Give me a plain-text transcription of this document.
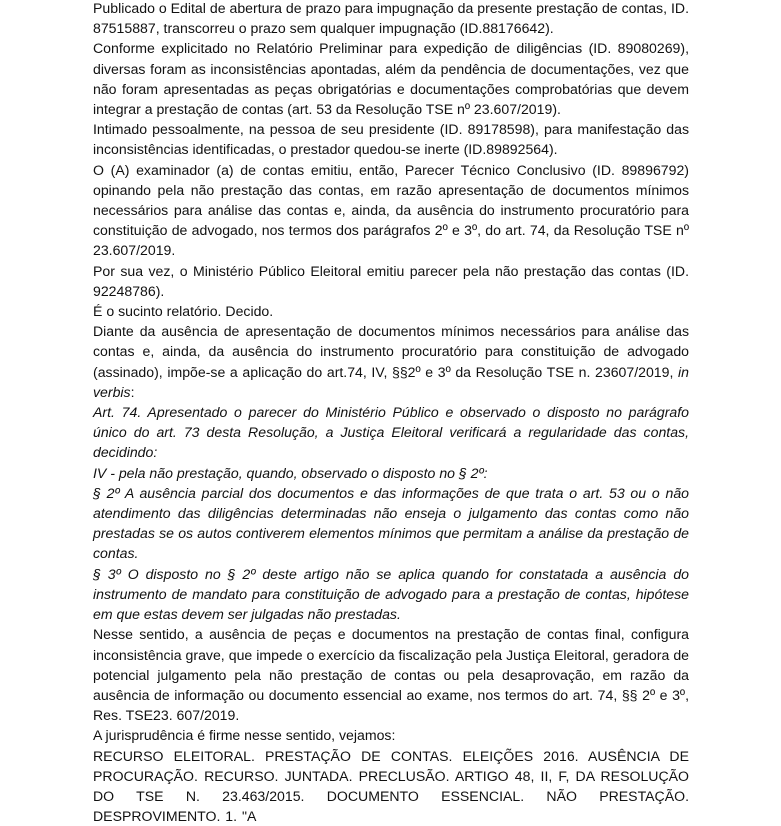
Publicado o Edital de abertura de prazo para impugnação da presente prestação de contas, ID. 87515887, transcorreu o prazo sem qualquer impugnação (ID.88176642).

Conforme explicitado no Relatório Preliminar para expedição de diligências (ID. 89080269), diversas foram as inconsistências apontadas, além da pendência de documentações, vez que não foram apresentadas as peças obrigatórias e documentações comprobatórias que devem integrar a prestação de contas (art. 53 da Resolução TSE nº 23.607/2019).

Intimado pessoalmente, na pessoa de seu presidente (ID. 89178598), para manifestação das inconsistências identificadas, o prestador quedou-se inerte (ID.89892564).

O (A) examinador (a) de contas emitiu, então, Parecer Técnico Conclusivo (ID. 89896792) opinando pela não prestação das contas, em razão apresentação de documentos mínimos necessários para análise das contas e, ainda, da ausência do instrumento procuratório para constituição de advogado, nos termos dos parágrafos 2º e 3º, do art. 74, da Resolução TSE nº 23.607/2019.

Por sua vez, o Ministério Público Eleitoral emitiu parecer pela não prestação das contas (ID. 92248786).

É o sucinto relatório. Decido.

Diante da ausência de apresentação de documentos mínimos necessários para análise das contas e, ainda, da ausência do instrumento procuratório para constituição de advogado (assinado), impõe-se a aplicação do art.74, IV, §§2º e 3º da Resolução TSE n. 23607/2019, in verbis:

Art. 74. Apresentado o parecer do Ministério Público e observado o disposto no parágrafo único do art. 73 desta Resolução, a Justiça Eleitoral verificará a regularidade das contas, decidindo:

IV - pela não prestação, quando, observado o disposto no § 2º:

§ 2º A ausência parcial dos documentos e das informações de que trata o art. 53 ou o não atendimento das diligências determinadas não enseja o julgamento das contas como não prestadas se os autos contiverem elementos mínimos que permitam a análise da prestação de contas.

§ 3º O disposto no § 2º deste artigo não se aplica quando for constatada a ausência do instrumento de mandato para constituição de advogado para a prestação de contas, hipótese em que estas devem ser julgadas não prestadas.

Nesse sentido, a ausência de peças e documentos na prestação de contas final, configura inconsistência grave, que impede o exercício da fiscalização pela Justiça Eleitoral, geradora de potencial julgamento pela não prestação de contas ou pela desaprovação, em razão da ausência de informação ou documento essencial ao exame, nos termos do art. 74, §§ 2º e 3º, Res. TSE23. 607/2019.

A jurisprudência é firme nesse sentido, vejamos:

RECURSO ELEITORAL. PRESTAÇÃO DE CONTAS. ELEIÇÕES 2016. AUSÊNCIA DE PROCURAÇÃO. RECURSO. JUNTADA. PRECLUSÃO. ARTIGO 48, II, F, DA RESOLUÇÃO DO TSE N. 23.463/2015. DOCUMENTO ESSENCIAL. NÃO PRESTAÇÃO. DESPROVIMENTO. 1. "A
